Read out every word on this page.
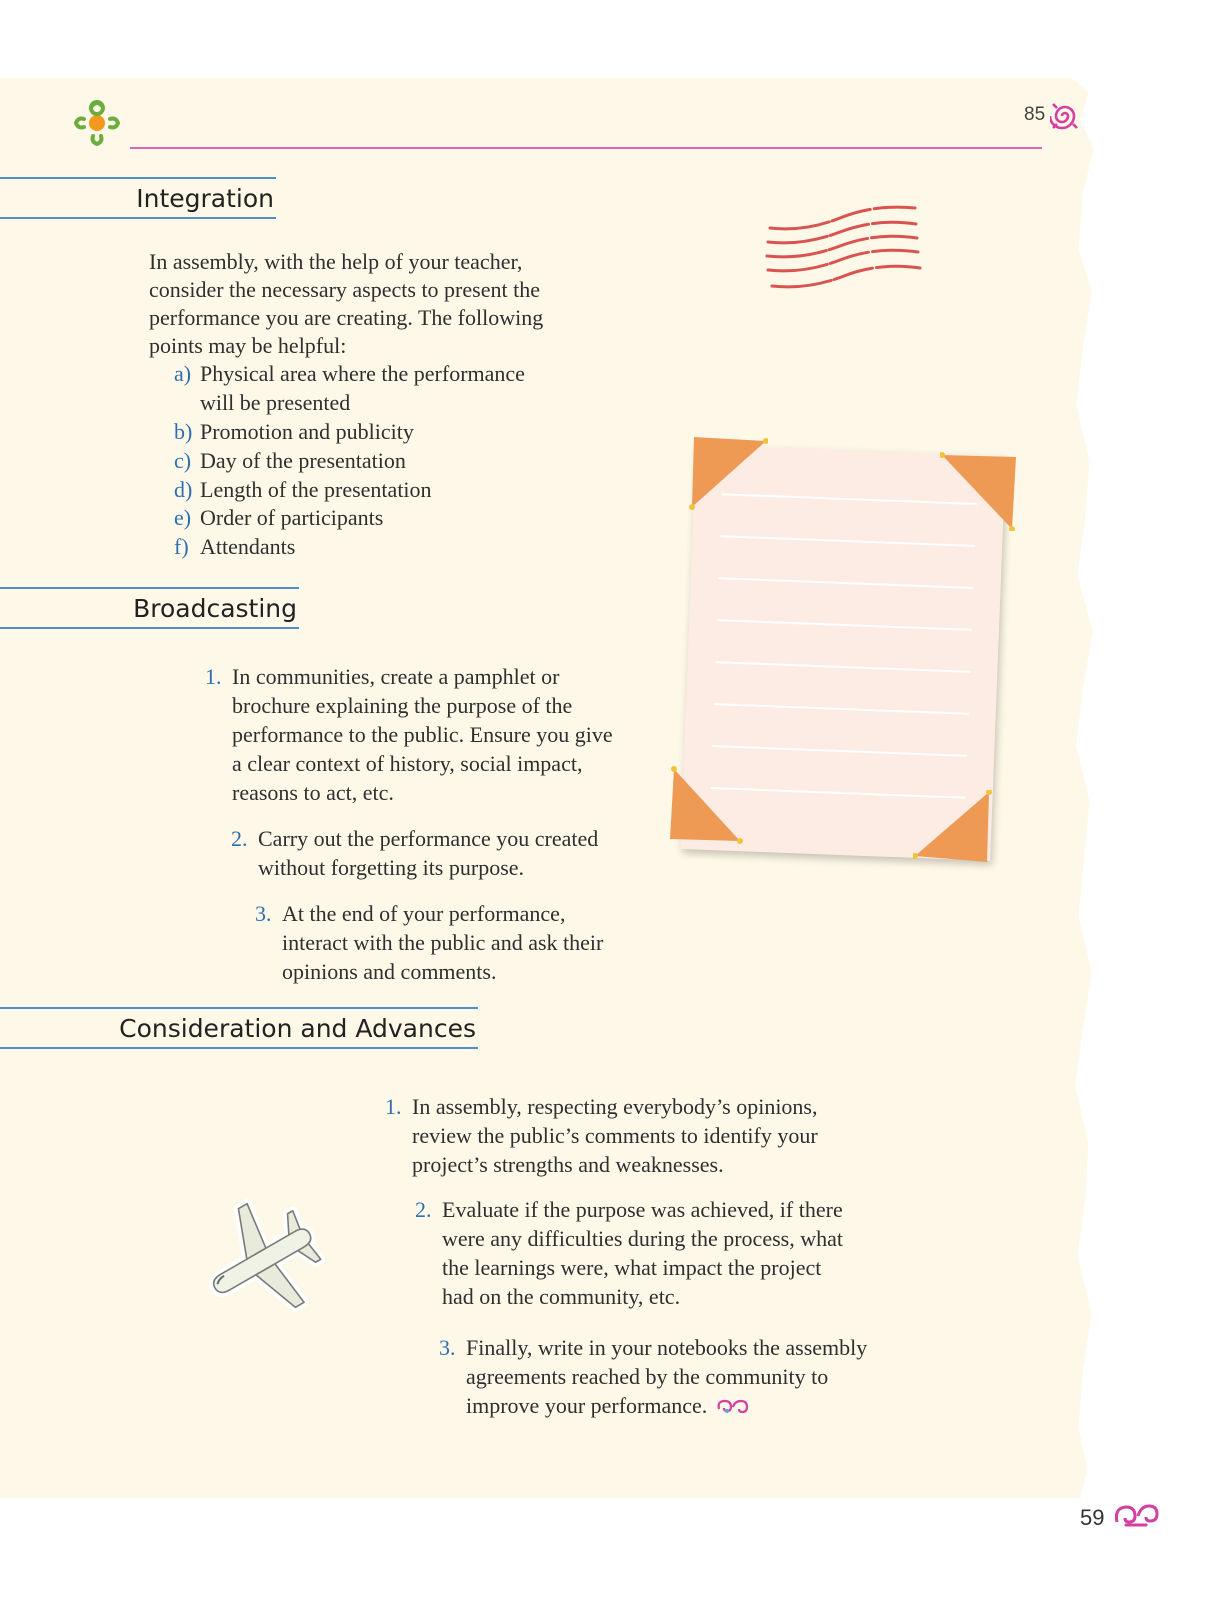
85
Integration
In assembly, with the help of your teacher,
consider the necessary aspects to present the
performance you are creating. The following
points may be helpful:
a) Physical area where the performance
will be presented
b) Promotion and publicity
c) Day of the presentation
d) Length of the presentation
e) Order of participants
f) Attendants
Broadcasting
1. In communities, create a pamphlet or
brochure explaining the purpose of the
performance to the public. Ensure you give
a clear context of history, social impact,
reasons to act, etc.
2. Carry out the performance you created
without forgetting its purpose.
3. At the end of your performance,
interact with the public and ask their
opinions and comments.
Consideration and Advances
1. In assembly, respecting everybody’s opinions,
review the public’s comments to identify your
project’s strengths and weaknesses.
2. Evaluate if the purpose was achieved, if there
were any difficulties during the process, what
the learnings were, what impact the project
had on the community, etc.
3. Finally, write in your notebooks the assembly
agreements reached by the community to
improve your performance.
59
